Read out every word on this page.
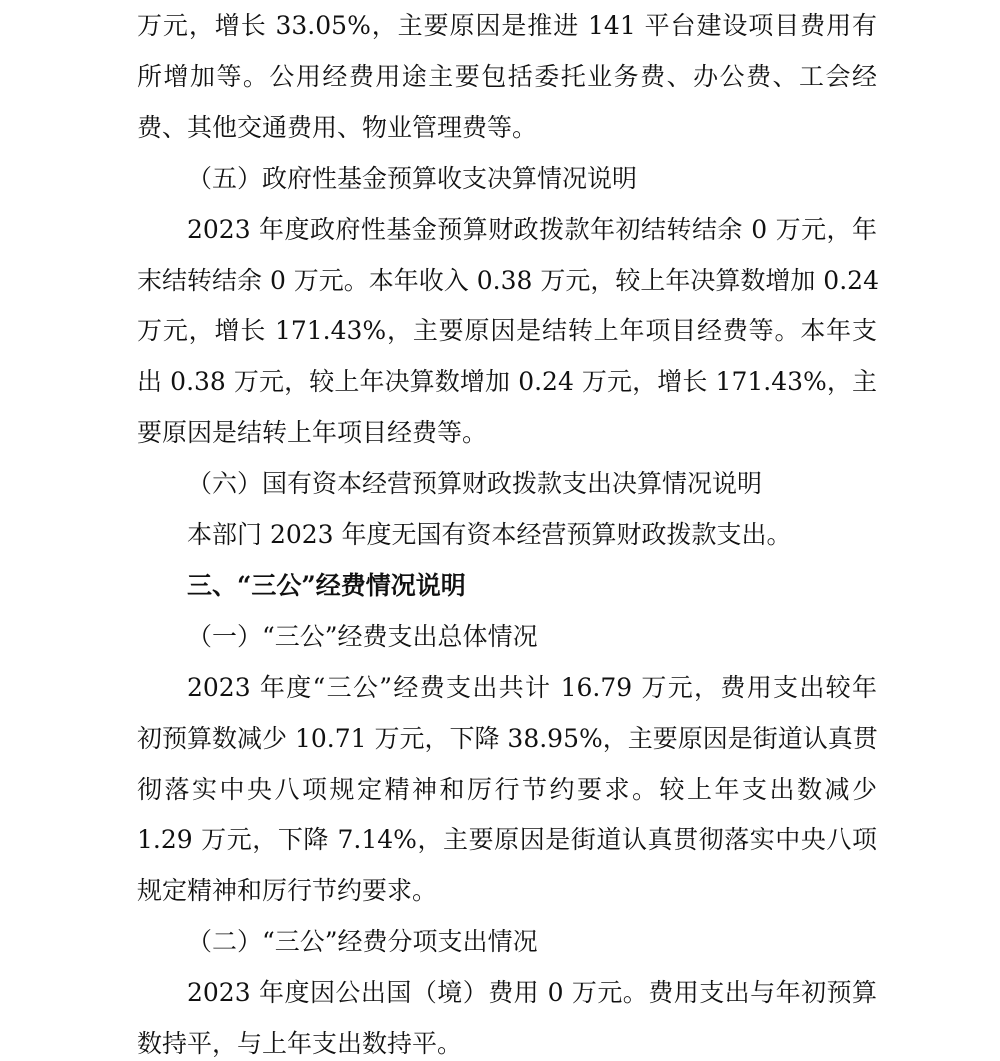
万元，增长 33.05%，主要原因是推进 141 平台建设项目费用有
所增加等。公用经费用途主要包括委托业务费、办公费、工会经
费、其他交通费用、物业管理费等。
（五）政府性基金预算收支决算情况说明
2023 年度政府性基金预算财政拨款年初结转结余 0 万元，年
末结转结余 0 万元。本年收入 0.38 万元，较上年决算数增加 0.24
万元，增长 171.43%，主要原因是结转上年项目经费等。本年支
出 0.38 万元，较上年决算数增加 0.24 万元，增长 171.43%，主
要原因是结转上年项目经费等。
（六）国有资本经营预算财政拨款支出决算情况说明
本部门 2023 年度无国有资本经营预算财政拨款支出。
三、“三公”经费情况说明
（一）“三公”经费支出总体情况
2023 年度“三公”经费支出共计 16.79 万元，费用支出较年
初预算数减少 10.71 万元，下降 38.95%，主要原因是街道认真贯
彻落实中央八项规定精神和厉行节约要求。较上年支出数减少
1.29 万元，下降 7.14%，主要原因是街道认真贯彻落实中央八项
规定精神和厉行节约要求。
（二）“三公”经费分项支出情况
2023 年度因公出国（境）费用 0 万元。费用支出与年初预算
数持平，与上年支出数持平。
